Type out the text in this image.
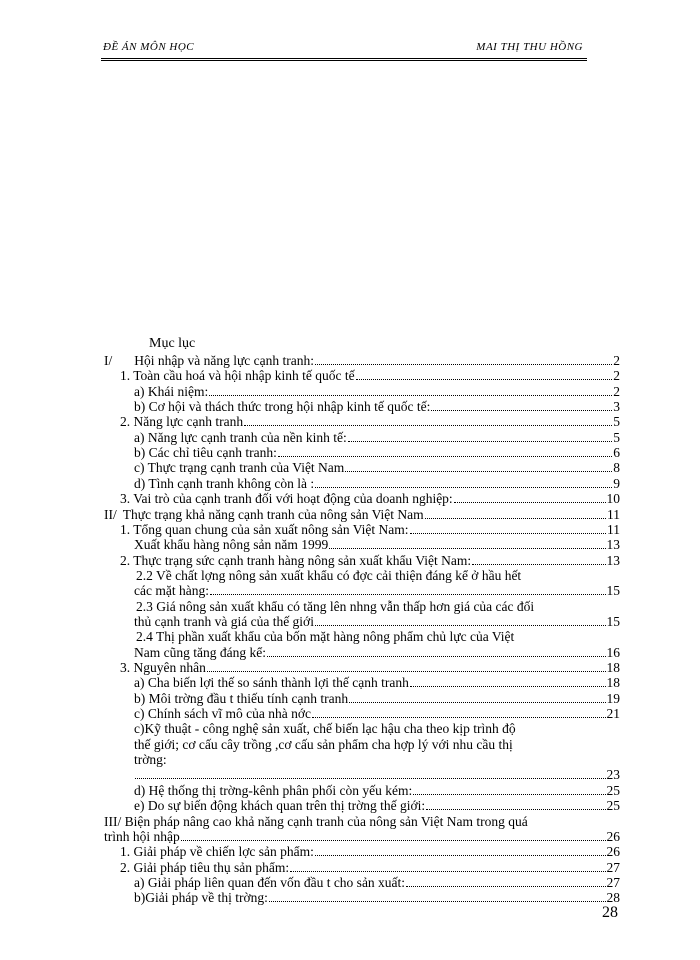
ĐỀ ÁN MÔN HỌC	MAI THỊ THU HỒNG
Mục lục
I/ Hội nhập và năng lực cạnh tranh:	2
1. Toàn cầu hoá và hội nhập kinh tế quốc tế	2
a) Khái niệm:	2
b) Cơ hội và thách thức trong hội nhập kinh tế quốc tế:	3
2. Năng lực cạnh tranh	5
a) Năng lực cạnh tranh của nền kinh tế:	5
b) Các chỉ tiêu cạnh tranh:	6
c) Thực trạng cạnh tranh của Việt Nam	8
d) Tình cạnh tranh không còn là :	9
3. Vai trò của cạnh tranh đối với hoạt động của doanh nghiệp:	10
II/ Thực trạng khả năng cạnh tranh của nông sản Việt Nam	11
1. Tổng quan chung của sản xuất nông sản Việt Nam:	11
Xuất khẩu hàng nông sản năm 1999	13
2. Thực trạng sức cạnh tranh hàng nông sản xuất khẩu Việt Nam:	13
2.2 Về chất lợng nông sản xuất khẩu có đợc cải thiện đáng kể ở hầu hết
các mặt hàng:	15
2.3 Giá nông sản xuất khẩu có tăng lên nhng vẫn thấp hơn giá của các đối
thủ cạnh tranh và giá của thế giới	15
2.4 Thị phần xuất khẩu của bốn mặt hàng nông phẩm chủ lực của Việt
Nam cũng tăng đáng kể:	16
3. Nguyên nhân	18
a) Cha biến lợi thế so sánh thành lợi thế cạnh tranh	18
b) Môi trờng đầu t thiếu tính cạnh tranh	19
c) Chính sách vĩ mô của nhà nớc	21
c)Kỹ thuật - công nghệ sản xuất, chế biến lạc hậu cha theo kịp trình độ
thế giới; cơ cấu cây trồng ,cơ cấu sản phẩm cha hợp lý với nhu cầu thị
trờng:
23
d) Hệ thống thị trờng-kênh phân phối còn yếu kém:	25
e) Do sự biến động khách quan trên thị trờng thế giới:	25
III/ Biện pháp nâng cao khả năng cạnh tranh của nông sản Việt Nam trong quá
trình hội nhập	26
1. Giải pháp về chiến lợc sản phẩm:	26
2. Giải pháp tiêu thụ sản phẩm:	27
a) Giải pháp liên quan đến vốn đầu t cho sản xuất:	27
b)Giải pháp về thị trờng:	28
28
